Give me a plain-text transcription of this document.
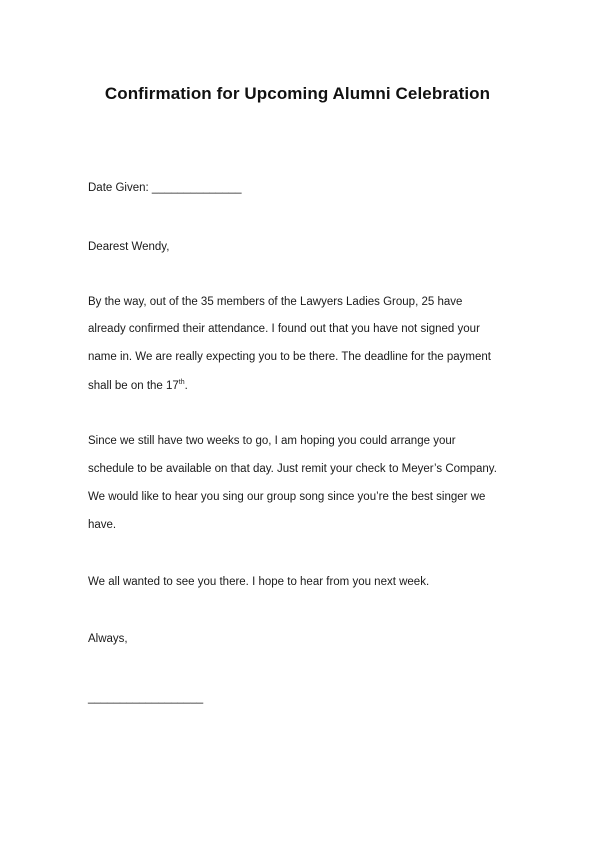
Confirmation for Upcoming Alumni Celebration
Date Given: ______________
Dearest Wendy,
By the way, out of the 35 members of the Lawyers Ladies Group, 25 have
already confirmed their attendance. I found out that you have not signed your
name in. We are really expecting you to be there. The deadline for the payment
shall be on the 17th.
Since we still have two weeks to go, I am hoping you could arrange your
schedule to be available on that day. Just remit your check to Meyer’s Company.
We would like to hear you sing our group song since you’re the best singer we
have.
We all wanted to see you there. I hope to hear from you next week.
Always,
__________________
